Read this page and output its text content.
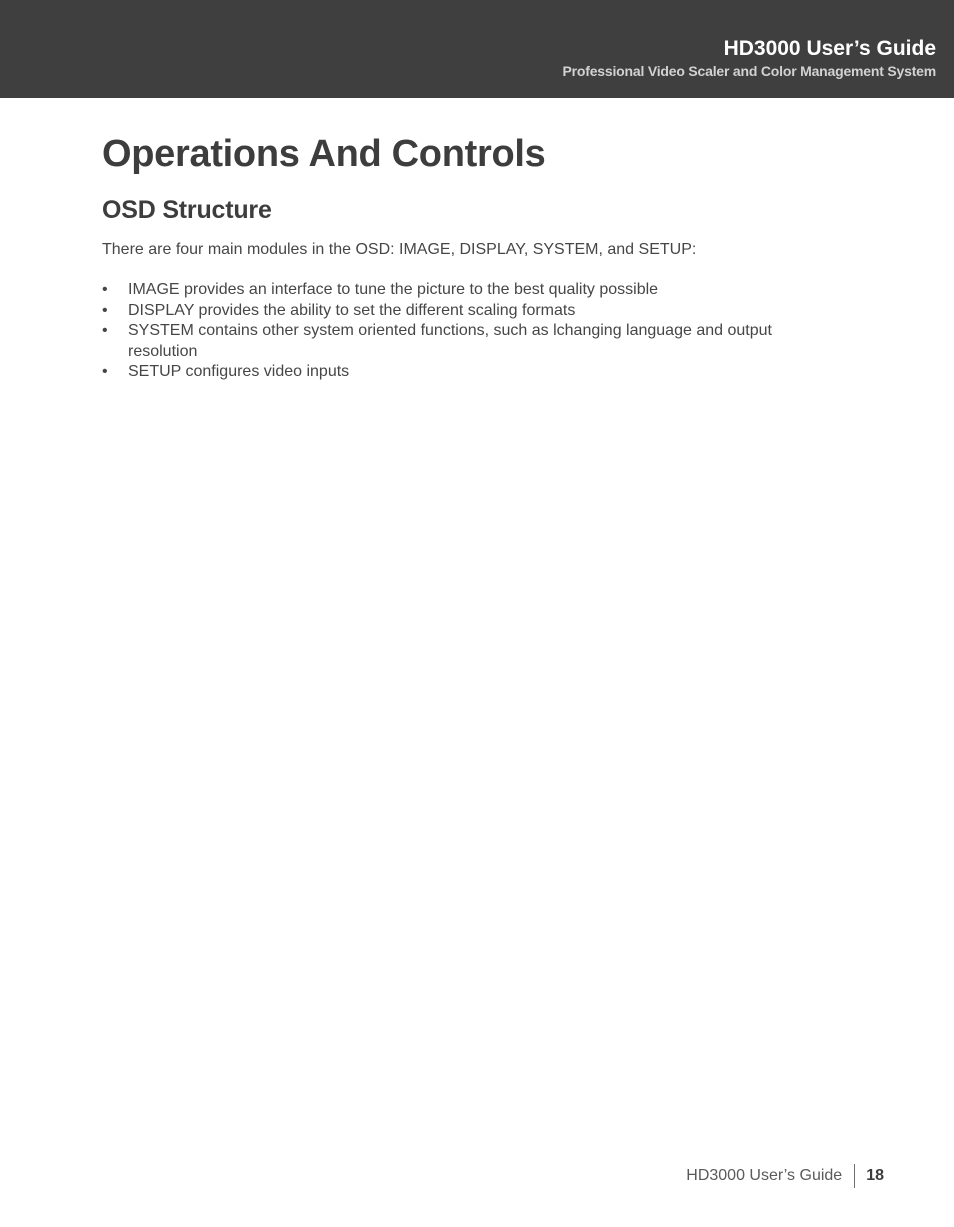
HD3000 User’s Guide

Professional Video Scaler and Color Management System

Operations And Controls
OSD Structure

There are four main modules in the OSD: IMAGE, DISPLAY, SYSTEM, and SETUP:

•	IMAGE provides an interface to tune the picture to the best quality possible
•	DISPLAY provides the ability to set the different scaling formats
•	SYSTEM contains other system oriented functions, such as lchanging language and output resolution
•	SETUP configures video inputs
HD3000 User’s Guide 18
